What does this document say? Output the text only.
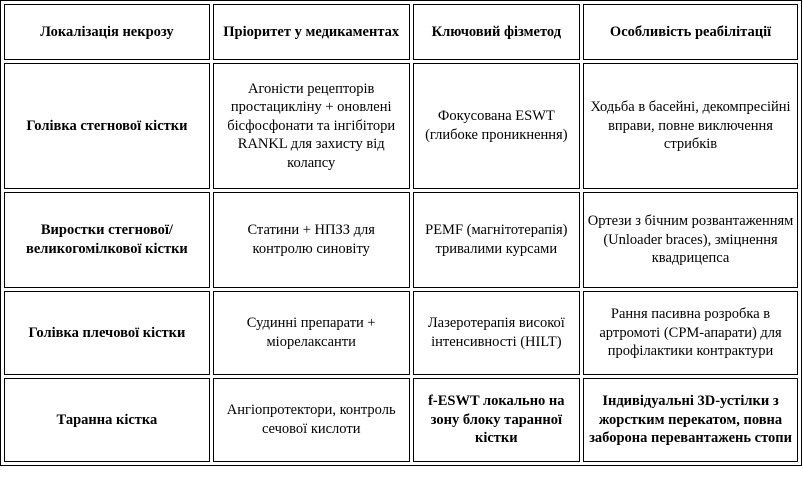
Локалізація некрозу	Пріоритет у медикаментах	Ключовий фізметод	Особливість реабілітації
Голівка стегнової кістки	Агоністи рецепторів простацикліну + оновлені бісфосфонати та інгібітори RANKL для захисту від колапсу	Фокусована ESWT (глибоке проникнення)	Ходьба в басейні, декомпресійні вправи, повне виключення стрибків
Виростки стегнової/ великогомілкової кістки	Статини + НПЗЗ для контролю синовіту	PEMF (магнітотерапія) тривалими курсами	Ортези з бічним розвантаженням (Unloader braces), зміцнення квадрицепса
Голівка плечової кістки	Судинні препарати + міорелаксанти	Лазеротерапія високої інтенсивності (HILT)	Рання пасивна розробка в артромоті (CPM-апарати) для профілактики контрактури
Таранна кістка	Ангіопротектори, контроль сечової кислоти	f-ESWT локально на зону блоку таранної кістки	Індивідуальні 3D-устілки з жорстким перекатом, повна заборона перевантажень стопи
